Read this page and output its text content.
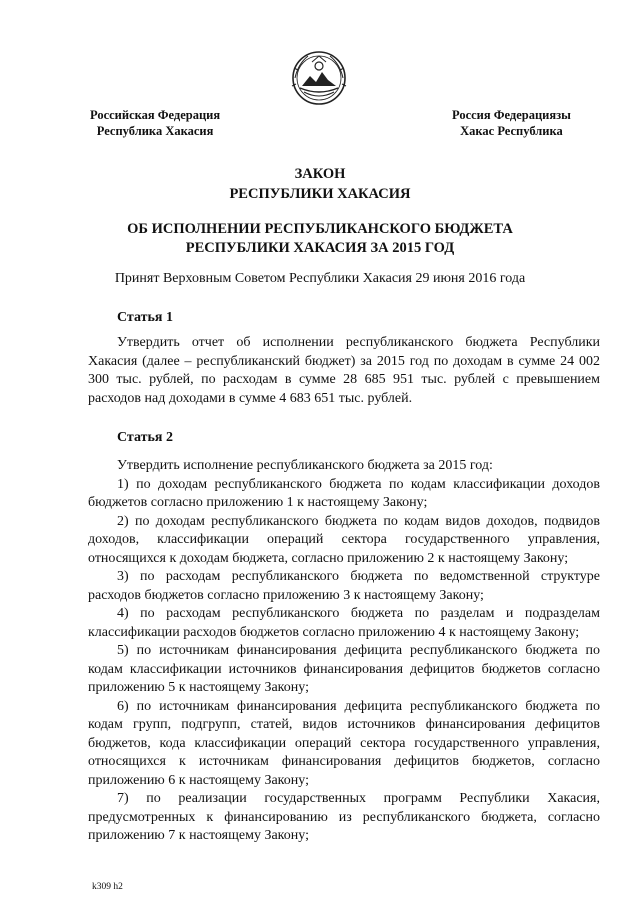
Российская Федерация
Республика Хакасия
Россия Федерациязы
Хакас Республика
ЗАКОН
РЕСПУБЛИКИ ХАКАСИЯ
ОБ ИСПОЛНЕНИИ РЕСПУБЛИКАНСКОГО БЮДЖЕТА
РЕСПУБЛИКИ ХАКАСИЯ ЗА 2015 ГОД
Принят Верховным Советом Республики Хакасия 29 июня 2016 года
Статья 1

Утвердить отчет об исполнении республиканского бюджета Республики Хакасия (далее – республиканский бюджет) за 2015 год по доходам в сумме 24 002 300 тыс. рублей, по расходам в сумме 28 685 951 тыс. рублей с превышением расходов над доходами в сумме 4 683 651 тыс. рублей.

Статья 2

Утвердить исполнение республиканского бюджета за 2015 год:

1) по доходам республиканского бюджета по кодам классификации доходов бюджетов согласно приложению 1 к настоящему Закону;

2) по доходам республиканского бюджета по кодам видов доходов, подвидов доходов, классификации операций сектора государственного управления, относящихся к доходам бюджета, согласно приложению 2 к настоящему Закону;

3) по расходам республиканского бюджета по ведомственной структуре расходов бюджетов согласно приложению 3 к настоящему Закону;

4) по расходам республиканского бюджета по разделам и подразделам классификации расходов бюджетов согласно приложению 4 к настоящему Закону;

5) по источникам финансирования дефицита республиканского бюджета по кодам классификации источников финансирования дефицитов бюджетов согласно приложению 5 к настоящему Закону;

6) по источникам финансирования дефицита республиканского бюджета по кодам групп, подгрупп, статей, видов источников финансирования дефицитов бюджетов, кода классификации операций сектора государственного управления, относящихся к источникам финансирования дефицитов бюджетов, согласно приложению 6 к настоящему Закону;

7) по реализации государственных программ Республики Хакасия, предусмотренных к финансированию из республиканского бюджета, согласно приложению 7 к настоящему Закону;

k309 h2
